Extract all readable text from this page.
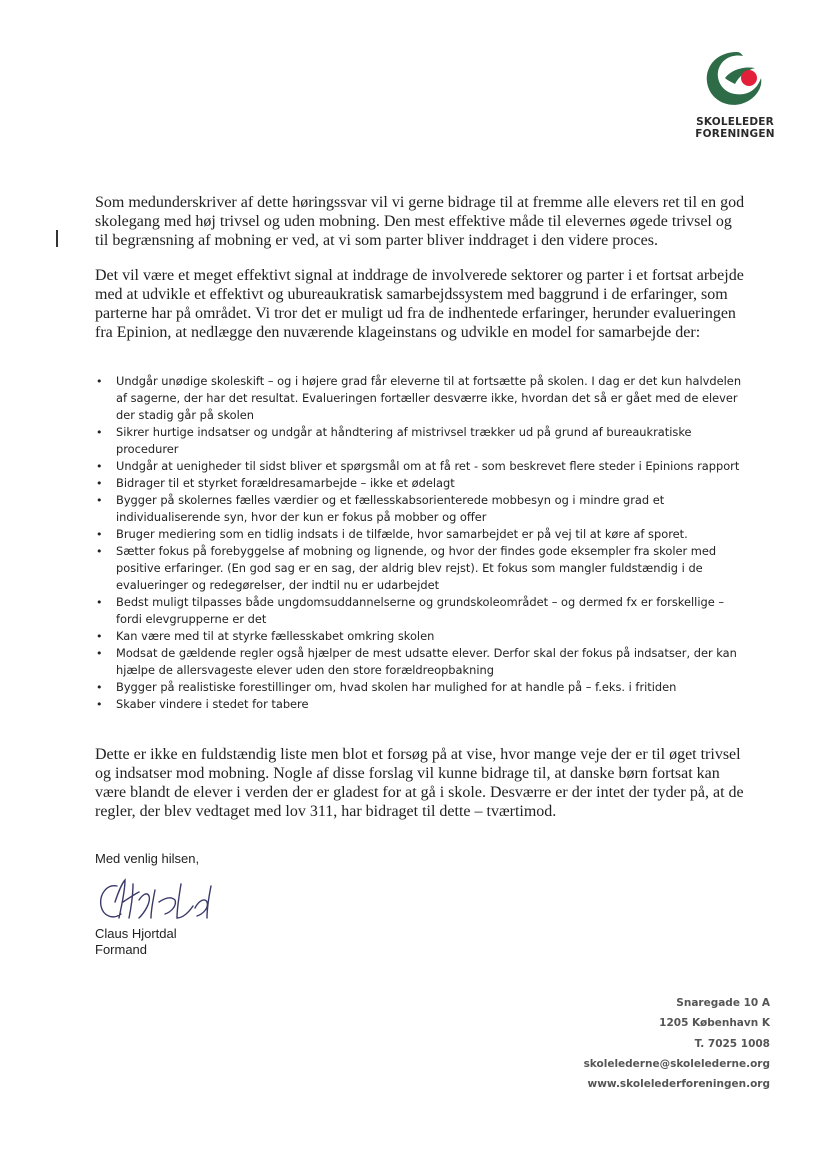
SKOLELEDER
FORENINGEN

Som medunderskriver af dette høringssvar vil vi gerne bidrage til at fremme alle elevers ret til en god skolegang med høj trivsel og uden mobning. Den mest effektive måde til elevernes øgede trivsel og til begrænsning af mobning er ved, at vi som parter bliver inddraget i den videre proces.

Det vil være et meget effektivt signal at inddrage de involverede sektorer og parter i et fortsat arbejde med at udvikle et effektivt og ubureaukratisk samarbejdssystem med baggrund i de erfaringer, som parterne har på området. Vi tror det er muligt ud fra de indhentede erfaringer, herunder evalueringen fra Epinion, at nedlægge den nuværende klageinstans og udvikle en model for samarbejde der:

• Undgår unødige skoleskift – og i højere grad får eleverne til at fortsætte på skolen. I dag er det kun halvdelen af sagerne, der har det resultat. Evalueringen fortæller desværre ikke, hvordan det så er gået med de elever der stadig går på skolen
• Sikrer hurtige indsatser og undgår at håndtering af mistrivsel trækker ud på grund af bureaukratiske procedurer
• Undgår at uenigheder til sidst bliver et spørgsmål om at få ret - som beskrevet flere steder i Epinions rapport
• Bidrager til et styrket forældresamarbejde – ikke et ødelagt
• Bygger på skolernes fælles værdier og et fællesskabsorienterede mobbesyn og i mindre grad et individualiserende syn, hvor der kun er fokus på mobber og offer
• Bruger mediering som en tidlig indsats i de tilfælde, hvor samarbejdet er på vej til at køre af sporet.
• Sætter fokus på forebyggelse af mobning og lignende, og hvor der findes gode eksempler fra skoler med positive erfaringer. (En god sag er en sag, der aldrig blev rejst). Et fokus som mangler fuldstændig i de evalueringer og redegørelser, der indtil nu er udarbejdet
• Bedst muligt tilpasses både ungdomsuddannelserne og grundskoleområdet – og dermed fx er forskellige – fordi elevgrupperne er det
• Kan være med til at styrke fællesskabet omkring skolen
• Modsat de gældende regler også hjælper de mest udsatte elever. Derfor skal der fokus på indsatser, der kan hjælpe de allersvageste elever uden den store forældreopbakning
• Bygger på realistiske forestillinger om, hvad skolen har mulighed for at handle på – f.eks. i fritiden
• Skaber vindere i stedet for tabere

Dette er ikke en fuldstændig liste men blot et forsøg på at vise, hvor mange veje der er til øget trivsel og indsatser mod mobning. Nogle af disse forslag vil kunne bidrage til, at danske børn fortsat kan være blandt de elever i verden der er gladest for at gå i skole. Desværre er der intet der tyder på, at de regler, der blev vedtaget med lov 311, har bidraget til dette – tværtimod.

Med venlig hilsen,
Claus Hjortdal
Formand
Snaregade 10 A
1205 København K
T. 7025 1008
skolelederne@skolelederne.org
www.skolelederforeningen.org
